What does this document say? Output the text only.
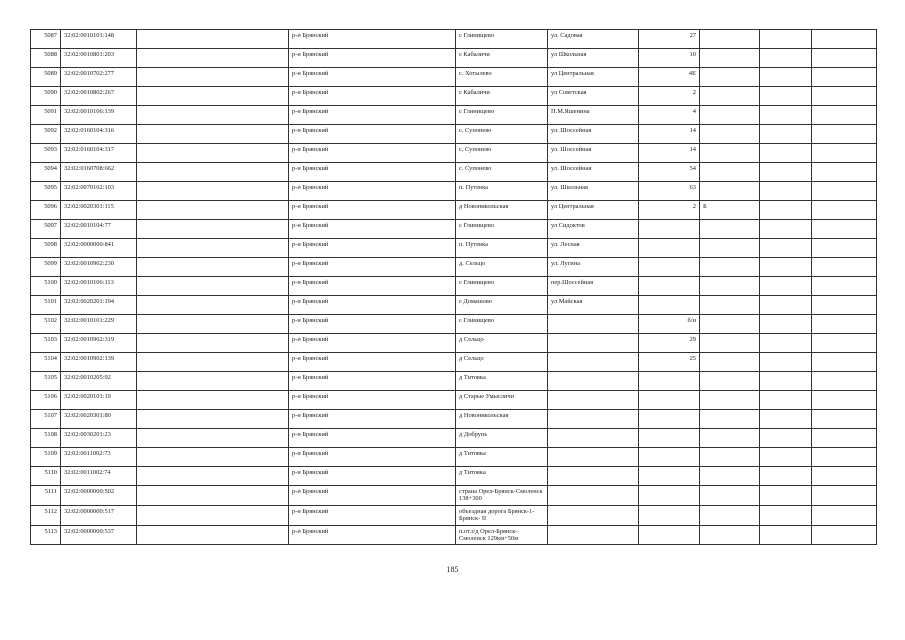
5087	32:02:0010101:148		р-н Брянский	с Глинищево	ул. Садовая	27			
5088	32:02:0010801:203		р-н Брянский	с Кабаличи	ул Школьная	10			
5089	32:02:0010702:277		р-н Брянский	с. Хотылево	ул Центральная	4Е			
5090	32:02:0010802:267		р-н Брянский	с Кабаличи	ул Советская	2			
5091	32:02:0010106:139		р-н Брянский	с Глинищево	П.М.Яшенина	4			
5092	32:02:0160104:316		р-н Брянский	с. Супонево	ул. Шоссейная	14			
5093	32:02:0160104:317		р-н Брянский	с. Супонево	ул. Шоссейная	14			
5094	32:02:0160708:662		р-н Брянский	с. Супонево	ул. Шоссейная	54			
5095	32:02:0070102:103		р-н Брянский	п. Путевка	ул. Школьная	63			
5096	32:02:0020301:115		р-н Брянский	д Новоникольская	ул Центральная	2	Б		
5097	32:02:0010104:77		р-н Брянский	с Глинищево	ул Сидоктов				
5098	32:02:0000000:841		р-н Брянский	п. Путевка	ул. Лесная				
5099	32:02:0010902:230		р-н Брянский	д. Сельцо	ул. Лугина				
5100	32:02:0010106:113		р-н Брянский	с Глинищево	пер.Шоссейная				
5101	32:02:0020201:194		р-н Брянский	с Домашово	ул Майская				
5102	32:02:0010101:229		р-н Брянский	с Глинищево		б/н			
5103	32:02:0010902:319		р-н Брянский	д Сельцо		29			
5104	32:02:0010902:139		р-н Брянский	д Сельцо		25			
5105	32:02:0010205:92		р-н Брянский	д Титовка					
5106	32:02:0020101:19		р-н Брянский	д Старые Умысличи					
5107	32:02:0020301:80		р-н Брянский	д Новоникольская					
5108	32:02:0030201:23		р-н Брянский	д Добрунь					
5109	32:02:0011002:73		р-н Брянский	д Титовка					
5110	32:02:0011002:74		р-н Брянский	д Титовка					
5111	32:02:0000000:502		р-н Брянский	страна Орел-Брянск-Смоленск 138+300					
5112	32:02:0000000:517		р-н Брянский	объездная дорога Брянск-1- Брянск- II					
5113	32:02:0000000:537		р-н Брянский	п.от.з/д Орел-Брянск-Смоленск 129км+50м					
185
